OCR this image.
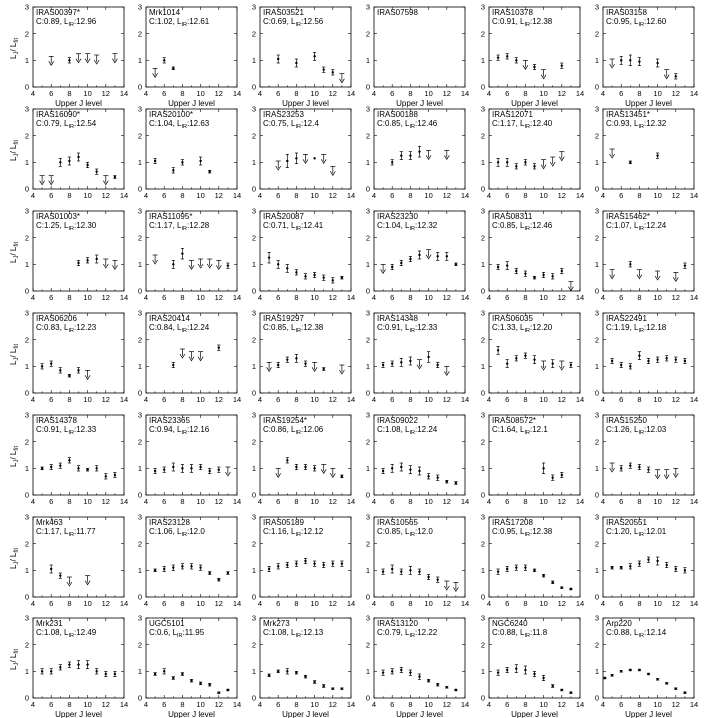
4 6 8 10 12 14
0
1
2
3
Upper J level
$L_J/$ $L_{fit}$
IRAS00397*
C:0.89, $L_{IR}:12.96$
4 6 8 10 12 14
0
1
2
3
Upper J level
Mrk1014
C:1.02, $L_{IR}:12.61$
4 6 8 10 12 14
0
1
2
3
Upper J level
IRAS03521
C:0.69, $L_{IR}:12.56$
4 6 8 10 12 14
0
1
2
3
Upper J level
IRAS07598
4 6 8 10 12 14
0
1
2
3
Upper J level
IRAS10378
C:0.91, $L_{IR}:12.38$
4 6 8 10 12 14
0
1
2
3
Upper J level
IRAS03158
C:0.95, $L_{IR}:12.60$
4 6 8 10 12 14
0
1
2
3
$L_J/$ $L_{fit}$
IRAS16090*
C:0.79, $L_{IR}:12.54$
4 6 8 10 12 14
0
1
2
3
IRAS20100*
C:1.04, $L_{IR}:12.63$
4 6 8 10 12 14
0
1
2
3
IRAS23253
C:0.75, $L_{IR}:12.4$
4 6 8 10 12 14
0
1
2
3
IRAS00188
C:0.85, $L_{IR}:12.46$
4 6 8 10 12 14
0
1
2
3
IRAS12071
C:1.17, $L_{IR}:12.40$
4 6 8 10 12 14
0
1
2
3
IRAS13451*
C:0.93, $L_{IR}:12.32$
4 6 8 10 12 14
0
1
2
3
$L_J/$ $L_{fit}$
IRAS01003*
C:1.25, $L_{IR}:12.30$
4 6 8 10 12 14
0
1
2
3
IRAS11095*
C:1.17, $L_{IR}:12.28$
4 6 8 10 12 14
0
1
2
3
IRAS20087
C:0.71, $L_{IR}:12.41$
4 6 8 10 12 14
0
1
2
3
IRAS23230
C:1.04, $L_{IR}:12.32$
4 6 8 10 12 14
0
1
2
3
IRAS08311
C:0.85, $L_{IR}:12.46$
4 6 8 10 12 14
0
1
2
3
IRAS15462*
C:1.07, $L_{IR}:12.24$
4 6 8 10 12 14
0
1
2
3
$L_J/$ $L_{fit}$
IRAS06206
C:0.83, $L_{IR}:12.23$
4 6 8 10 12 14
0
1
2
3
IRAS20414
C:0.84, $L_{IR}:12.24$
4 6 8 10 12 14
0
1
2
3
IRAS19297
C:0.85, $L_{IR}:12.38$
4 6 8 10 12 14
0
1
2
3
IRAS14348
C:0.91, $L_{IR}:12.33$
4 6 8 10 12 14
0
1
2
3
IRAS06035
C:1.33, $L_{IR}:12.20$
4 6 8 10 12 14
0
1
2
3
IRAS22491
C:1.19, $L_{IR}:12.18$
4 6 8 10 12 14
0
1
2
3
$L_J/$ $L_{fit}$
IRAS14378
C:0.91, $L_{IR}:12.33$
4 6 8 10 12 14
0
1
2
3
IRAS23365
C:0.94, $L_{IR}:12.16$
4 6 8 10 12 14
0
1
2
3
IRAS19254*
C:0.86, $L_{IR}:12.06$
4 6 8 10 12 14
0
1
2
3
IRAS09022
C:1.08, $L_{IR}:12.24$
4 6 8 10 12 14
0
1
2
3
IRAS08572*
C:1.64, $L_{IR}:12.1$
4 6 8 10 12 14
0
1
2
3
IRAS15250
C:1.26, $L_{IR}:12.03$
4 6 8 10 12 14
0
1
2
3
$L_J/$ $L_{fit}$
Mrk463
C:1.17, $L_{IR}:11.77$
4 6 8 10 12 14
0
1
2
3
IRAS23128
C:1.06, $L_{IR}:12.0$
4 6 8 10 12 14
0
1
2
3
IRAS05189
C:1.16, $L_{IR}:12.12$
4 6 8 10 12 14
0
1
2
3
IRAS10565
C:0.85, $L_{IR}:12.0$
4 6 8 10 12 14
0
1
2
3
IRAS17208
C:0.95, $L_{IR}:12.38$
4 6 8 10 12 14
0
1
2
3
IRAS20551
C:1.20, $L_{IR}:12.01$
4 6 8 10 12 14
0
1
2
3
Upper J level
$L_J/$ $L_{fit}$
Mrk231
C:1.08, $L_{IR}:12.49$
4 6 8 10 12 14
0
1
2
3
Upper J level
UGC5101
C:0.6, $L_{IR}:11.95$
4 6 8 10 12 14
0
1
2
3
Upper J level
Mrk273
C:1.08, $L_{IR}:12.13$
4 6 8 10 12 14
0
1
2
3
Upper J level
IRAS13120
C:0.79, $L_{IR}:12.22$
4 6 8 10 12 14
0
1
2
3
Upper J level
NGC6240
C:0.88, $L_{IR}:11.8$
4 6 8 10 12 14
0
1
2
3
Upper J level
Arp220
C:0.88, $L_{IR}:12.14$
